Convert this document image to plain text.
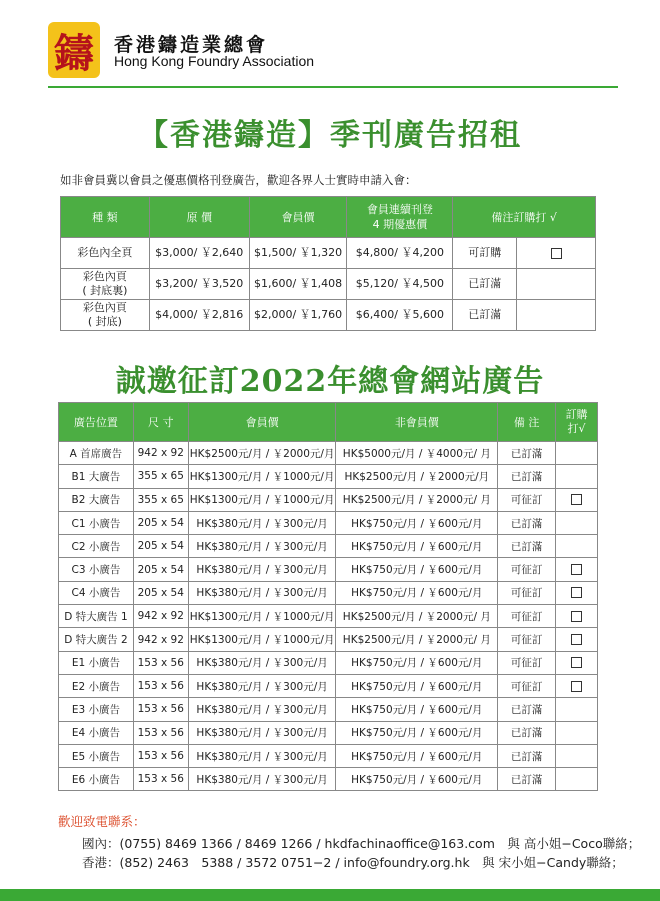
鑄	香港鑄造業總會
Hong Kong Foundry Association
【香港鑄造】季刊廣告招租
如非會員冀以會員之優惠價格刊登廣告，歡迎各界人士實時申請入會：
種 類	原 價	會員價	會員連續刊登
4 期優惠價	備注訂購打 √	
彩色內全頁	$3,000/ ￥2,640	$1,500/ ￥1,320	$4,800/ ￥4,200	可訂購	
彩色內頁
( 封底裏)	$3,200/ ￥3,520	$1,600/ ￥1,408	$5,120/ ￥4,500	已訂滿	
彩色內頁
( 封底)	$4,000/ ￥2,816	$2,000/ ￥1,760	$6,400/ ￥5,600	已訂滿	
誠邀征訂2022年總會網站廣告
廣告位置	尺 寸	會員價	非會員價	備 注	訂購
打√
A 首席廣告	942 x 92	HK$2500元/月 / ￥2000元/月	HK$5000元/月 / ￥4000元/ 月	已訂滿	
B1 大廣告	355 x 65	HK$1300元/月 / ￥1000元/月	HK$2500元/月 / ￥2000元/月	已訂滿	
B2 大廣告	355 x 65	HK$1300元/月 / ￥1000元/月	HK$2500元/月 / ￥2000元/ 月	可征訂	
C1 小廣告	205 x 54	HK$380元/月 / ￥300元/月	HK$750元/月 / ￥600元/月	已訂滿	
C2 小廣告	205 x 54	HK$380元/月 / ￥300元/月	HK$750元/月 / ￥600元/月	已訂滿	
C3 小廣告	205 x 54	HK$380元/月 / ￥300元/月	HK$750元/月 / ￥600元/月	可征訂	
C4 小廣告	205 x 54	HK$380元/月 / ￥300元/月	HK$750元/月 / ￥600元/月	可征訂	
D 特大廣告 1	942 x 92	HK$1300元/月 / ￥1000元/月	HK$2500元/月 / ￥2000元/ 月	可征訂	
D 特大廣告 2	942 x 92	HK$1300元/月 / ￥1000元/月	HK$2500元/月 / ￥2000元/ 月	可征訂	
E1 小廣告	153 x 56	HK$380元/月 / ￥300元/月	HK$750元/月 / ￥600元/月	可征訂	
E2 小廣告	153 x 56	HK$380元/月 / ￥300元/月	HK$750元/月 / ￥600元/月	可征訂	
E3 小廣告	153 x 56	HK$380元/月 / ￥300元/月	HK$750元/月 / ￥600元/月	已訂滿	
E4 小廣告	153 x 56	HK$380元/月 / ￥300元/月	HK$750元/月 / ￥600元/月	已訂滿	
E5 小廣告	153 x 56	HK$380元/月 / ￥300元/月	HK$750元/月 / ￥600元/月	已訂滿	
E6 小廣告	153 x 56	HK$380元/月 / ￥300元/月	HK$750元/月 / ￥600元/月	已訂滿	
歡迎致電聯系：
國內：(0755) 8469 1366 / 8469 1266 / hkdfachinaoffice@163.com　與 高小姐−Coco聯絡；
香港：(852) 2463　5388 / 3572 0751−2 / info@foundry.org.hk　與 宋小姐−Candy聯絡；
